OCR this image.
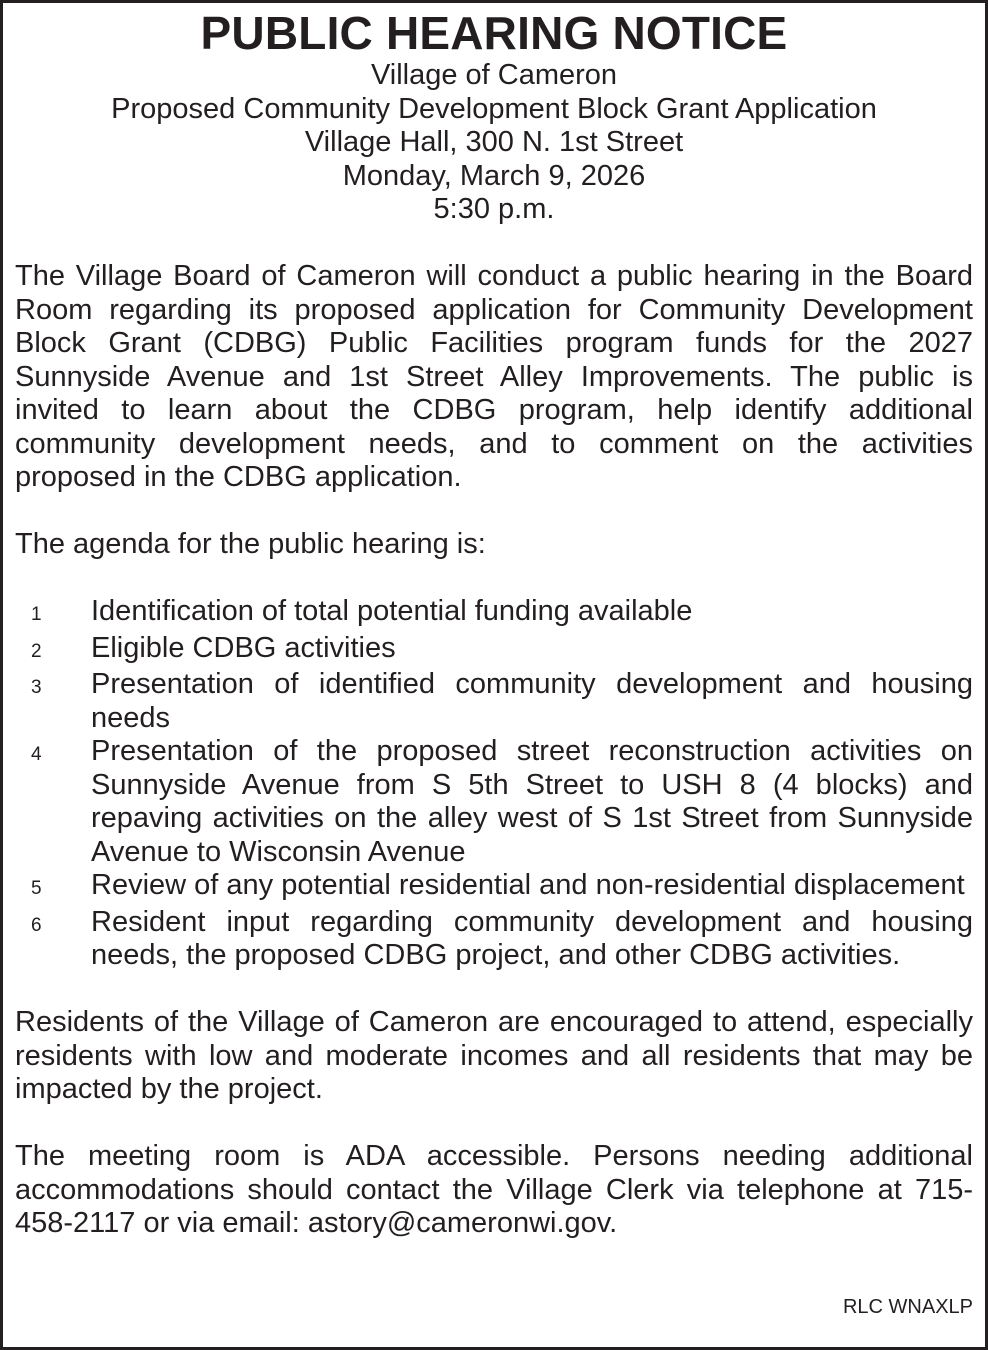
PUBLIC HEARING NOTICE
Village of Cameron
Proposed Community Development Block Grant Application
Village Hall, 300 N. 1st Street
Monday, March 9, 2026
5:30 p.m.

The Village Board of Cameron will conduct a public hearing in the Board Room regarding its proposed application for Community Development Block Grant (CDBG) Public Facilities program funds for the 2027 Sunnyside Avenue and 1st Street Alley Improvements. The public is invited to learn about the CDBG program, help identify additional community development needs, and to comment on the activities proposed in the CDBG application.

The agenda for the public hearing is:

1	Identification of total potential funding available
2	Eligible CDBG activities
3	Presentation of identified community development and housing needs
4	Presentation of the proposed street reconstruction activities on Sunnyside Avenue from S 5th Street to USH 8 (4 blocks) and repaving activities on the alley west of S 1st Street from Sunnyside Avenue to Wisconsin Avenue
5	Review of any potential residential and non-residential displacement
6	Resident input regarding community development and housing needs, the proposed CDBG project, and other CDBG activities.

Residents of the Village of Cameron are encouraged to attend, especially residents with low and moderate incomes and all residents that may be impacted by the project.

The meeting room is ADA accessible. Persons needing additional accommodations should contact the Village Clerk via telephone at 715-458-2117 or via email: astory@cameronwi.gov.

RLC WNAXLP
